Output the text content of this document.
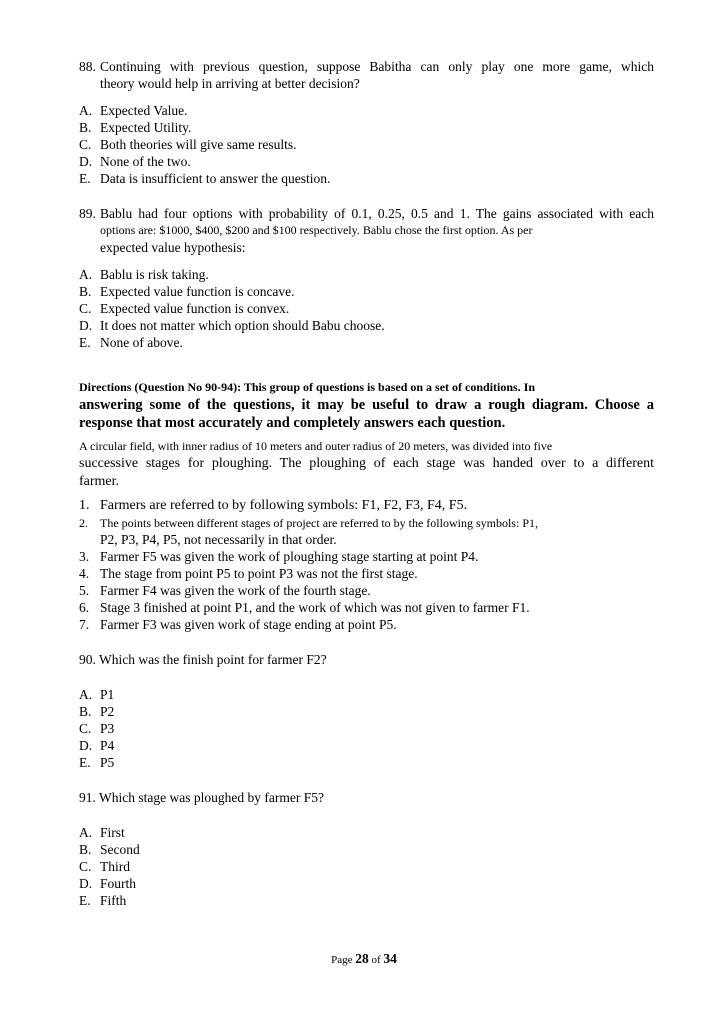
88. Continuing with previous question, suppose Babitha can only play one more game, which
theory would help in arriving at better decision?
A. Expected Value.
B. Expected Utility.
C. Both theories will give same results.
D. None of the two.
E. Data is insufficient to answer the question.
89. Bablu had four options with probability of 0.1, 0.25, 0.5 and 1. The gains associated with each
options are: $1000, $400, $200 and $100 respectively. Bablu chose the first option. As per
expected value hypothesis:
A. Bablu is risk taking.
B. Expected value function is concave.
C. Expected value function is convex.
D. It does not matter which option should Babu choose.
E. None of above.

Directions (Question No 90-94): This group of questions is based on a set of conditions. In

answering some of the questions, it may be useful to draw a rough diagram. Choose a

response that most accurately and completely answers each question.

A circular field, with inner radius of 10 meters and outer radius of 20 meters, was divided into five

successive stages for ploughing. The ploughing of each stage was handed over to a different

farmer.

1. Farmers are referred to by following symbols: F1, F2, F3, F4, F5.
2.	The points between different stages of project are referred to by the following symbols: P1,
P2, P3, P4, P5, not necessarily in that order.
3. Farmer F5 was given the work of ploughing stage starting at point P4.
4. The stage from point P5 to point P3 was not the first stage.
5. Farmer F4 was given the work of the fourth stage.
6. Stage 3 finished at point P1, and the work of which was not given to farmer F1.
7. Farmer F3 was given work of stage ending at point P5.

90. Which was the finish point for farmer F2?

A. P1
B. P2
C. P3
D. P4
E. P5

91. Which stage was ploughed by farmer F5?

A. First
B. Second
C. Third
D. Fourth
E. Fifth
Page 28 of 34
